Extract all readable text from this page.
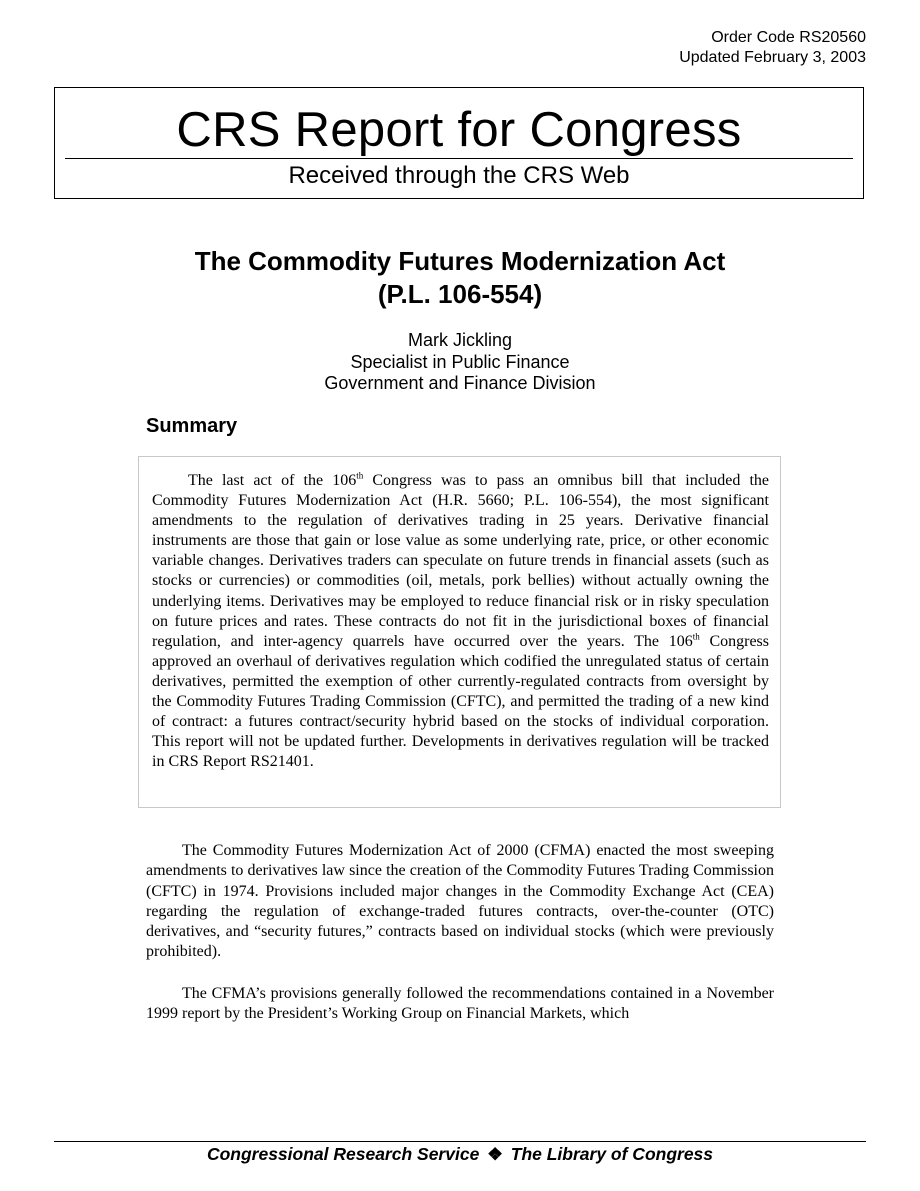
Order Code RS20560
Updated February 3, 2003
CRS Report for Congress
Received through the CRS Web
The Commodity Futures Modernization Act
(P.L. 106-554)
Mark Jickling
Specialist in Public Finance
Government and Finance Division
Summary

The last act of the 106th Congress was to pass an omnibus bill that included the Commodity Futures Modernization Act (H.R. 5660; P.L. 106-554), the most significant amendments to the regulation of derivatives trading in 25 years. Derivative financial instruments are those that gain or lose value as some underlying rate, price, or other economic variable changes. Derivatives traders can speculate on future trends in financial assets (such as stocks or currencies) or commodities (oil, metals, pork bellies) without actually owning the underlying items. Derivatives may be employed to reduce financial risk or in risky speculation on future prices and rates. These contracts do not fit in the jurisdictional boxes of financial regulation, and inter-agency quarrels have occurred over the years. The 106th Congress approved an overhaul of derivatives regulation which codified the unregulated status of certain derivatives, permitted the exemption of other currently-regulated contracts from oversight by the Commodity Futures Trading Commission (CFTC), and permitted the trading of a new kind of contract: a futures contract/security hybrid based on the stocks of individual corporation. This report will not be updated further. Developments in derivatives regulation will be tracked in CRS Report RS21401.

The Commodity Futures Modernization Act of 2000 (CFMA) enacted the most sweeping amendments to derivatives law since the creation of the Commodity Futures Trading Commission (CFTC) in 1974. Provisions included major changes in the Commodity Exchange Act (CEA) regarding the regulation of exchange-traded futures contracts, over-the-counter (OTC) derivatives, and “security futures,” contracts based on individual stocks (which were previously prohibited).

The CFMA’s provisions generally followed the recommendations contained in a November 1999 report by the President’s Working Group on Financial Markets, which

Congressional Research Service ❖ The Library of Congress
